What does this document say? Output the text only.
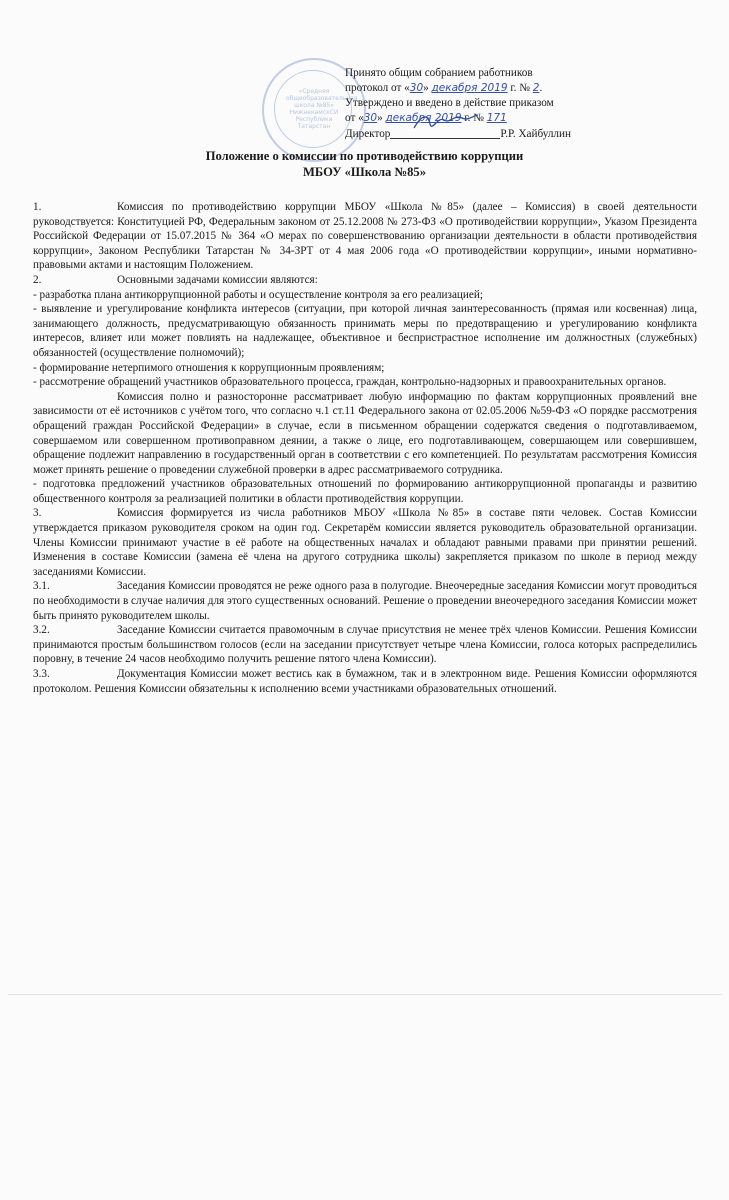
«Средняя общеобразовательная школа №85» НижнекамскСИ Республики Татарстан
Принято общим собранием работников
протокол от «30» декабря 2019 г. № 2.
Утверждено и введено в действие приказом
от «30» декабря 2019 г. № 171
Директор	Р.Р. Хайбуллин
Положение о комиссии по противодействию коррупции
МБОУ «Школа №85»

1.	Комиссия по противодействию коррупции МБОУ «Школа №85» (далее – Комиссия) в своей деятельности руководствуется: Конституцией РФ, Федеральным законом от 25.12.2008 № 273-ФЗ «О противодействии коррупции», Указом Президента Российской Федерации от 15.07.2015 № 364 «О мерах по совершенствованию организации деятельности в области противодействия коррупции», Законом Республики Татарстан № 34-ЗРТ от 4 мая 2006 года «О противодействии коррупции», иными нормативно-правовыми актами и настоящим Положением.

2.	Основными задачами комиссии являются:

- разработка плана антикоррупционной работы и осуществление контроля за его реализацией;

- выявление и урегулирование конфликта интересов (ситуации, при которой личная заинтересованность (прямая или косвенная) лица, занимающего должность, предусматривающую обязанность принимать меры по предотвращению и урегулированию конфликта интересов, влияет или может повлиять на надлежащее, объективное и беспристрастное исполнение им должностных (служебных) обязанностей (осуществление полномочий);

- формирование нетерпимого отношения к коррупционным проявлениям;

- рассмотрение обращений участников образовательного процесса, граждан, контрольно-надзорных и правоохранительных органов.

Комиссия полно и разносторонне рассматривает любую информацию по фактам коррупционных проявлений вне зависимости от её источников с учётом того, что согласно ч.1 ст.11 Федерального закона от 02.05.2006 №59-ФЗ «О порядке рассмотрения обращений граждан Российской Федерации» в случае, если в письменном обращении содержатся сведения о подготавливаемом, совершаемом или совершенном противоправном деянии, а также о лице, его подготавливающем, совершающем или совершившем, обращение подлежит направлению в государственный орган в соответствии с его компетенцией. По результатам рассмотрения Комиссия может принять решение о проведении служебной проверки в адрес рассматриваемого сотрудника.

- подготовка предложений участников образовательных отношений по формированию антикоррупционной пропаганды и развитию общественного контроля за реализацией политики в области противодействия коррупции.

3.	Комиссия формируется из числа работников МБОУ «Школа №85» в составе пяти человек. Состав Комиссии утверждается приказом руководителя сроком на один год. Секретарём комиссии является руководитель образовательной организации. Члены Комиссии принимают участие в её работе на общественных началах и обладают равными правами при принятии решений. Изменения в составе Комиссии (замена её члена на другого сотрудника школы) закрепляется приказом по школе в период между заседаниями Комиссии.

3.1.	Заседания Комиссии проводятся не реже одного раза в полугодие. Внеочередные заседания Комиссии могут проводиться по необходимости в случае наличия для этого существенных оснований. Решение о проведении внеочередного заседания Комиссии может быть принято руководителем школы.

3.2.	Заседание Комиссии считается правомочным в случае присутствия не менее трёх членов Комиссии. Решения Комиссии принимаются простым большинством голосов (если на заседании присутствует четыре члена Комиссии, голоса которых распределились поровну, в течение 24 часов необходимо получить решение пятого члена Комиссии).

3.3.	Документация Комиссии может вестись как в бумажном, так и в электронном виде. Решения Комиссии оформляются протоколом. Решения Комиссии обязательны к исполнению всеми участниками образовательных отношений.
